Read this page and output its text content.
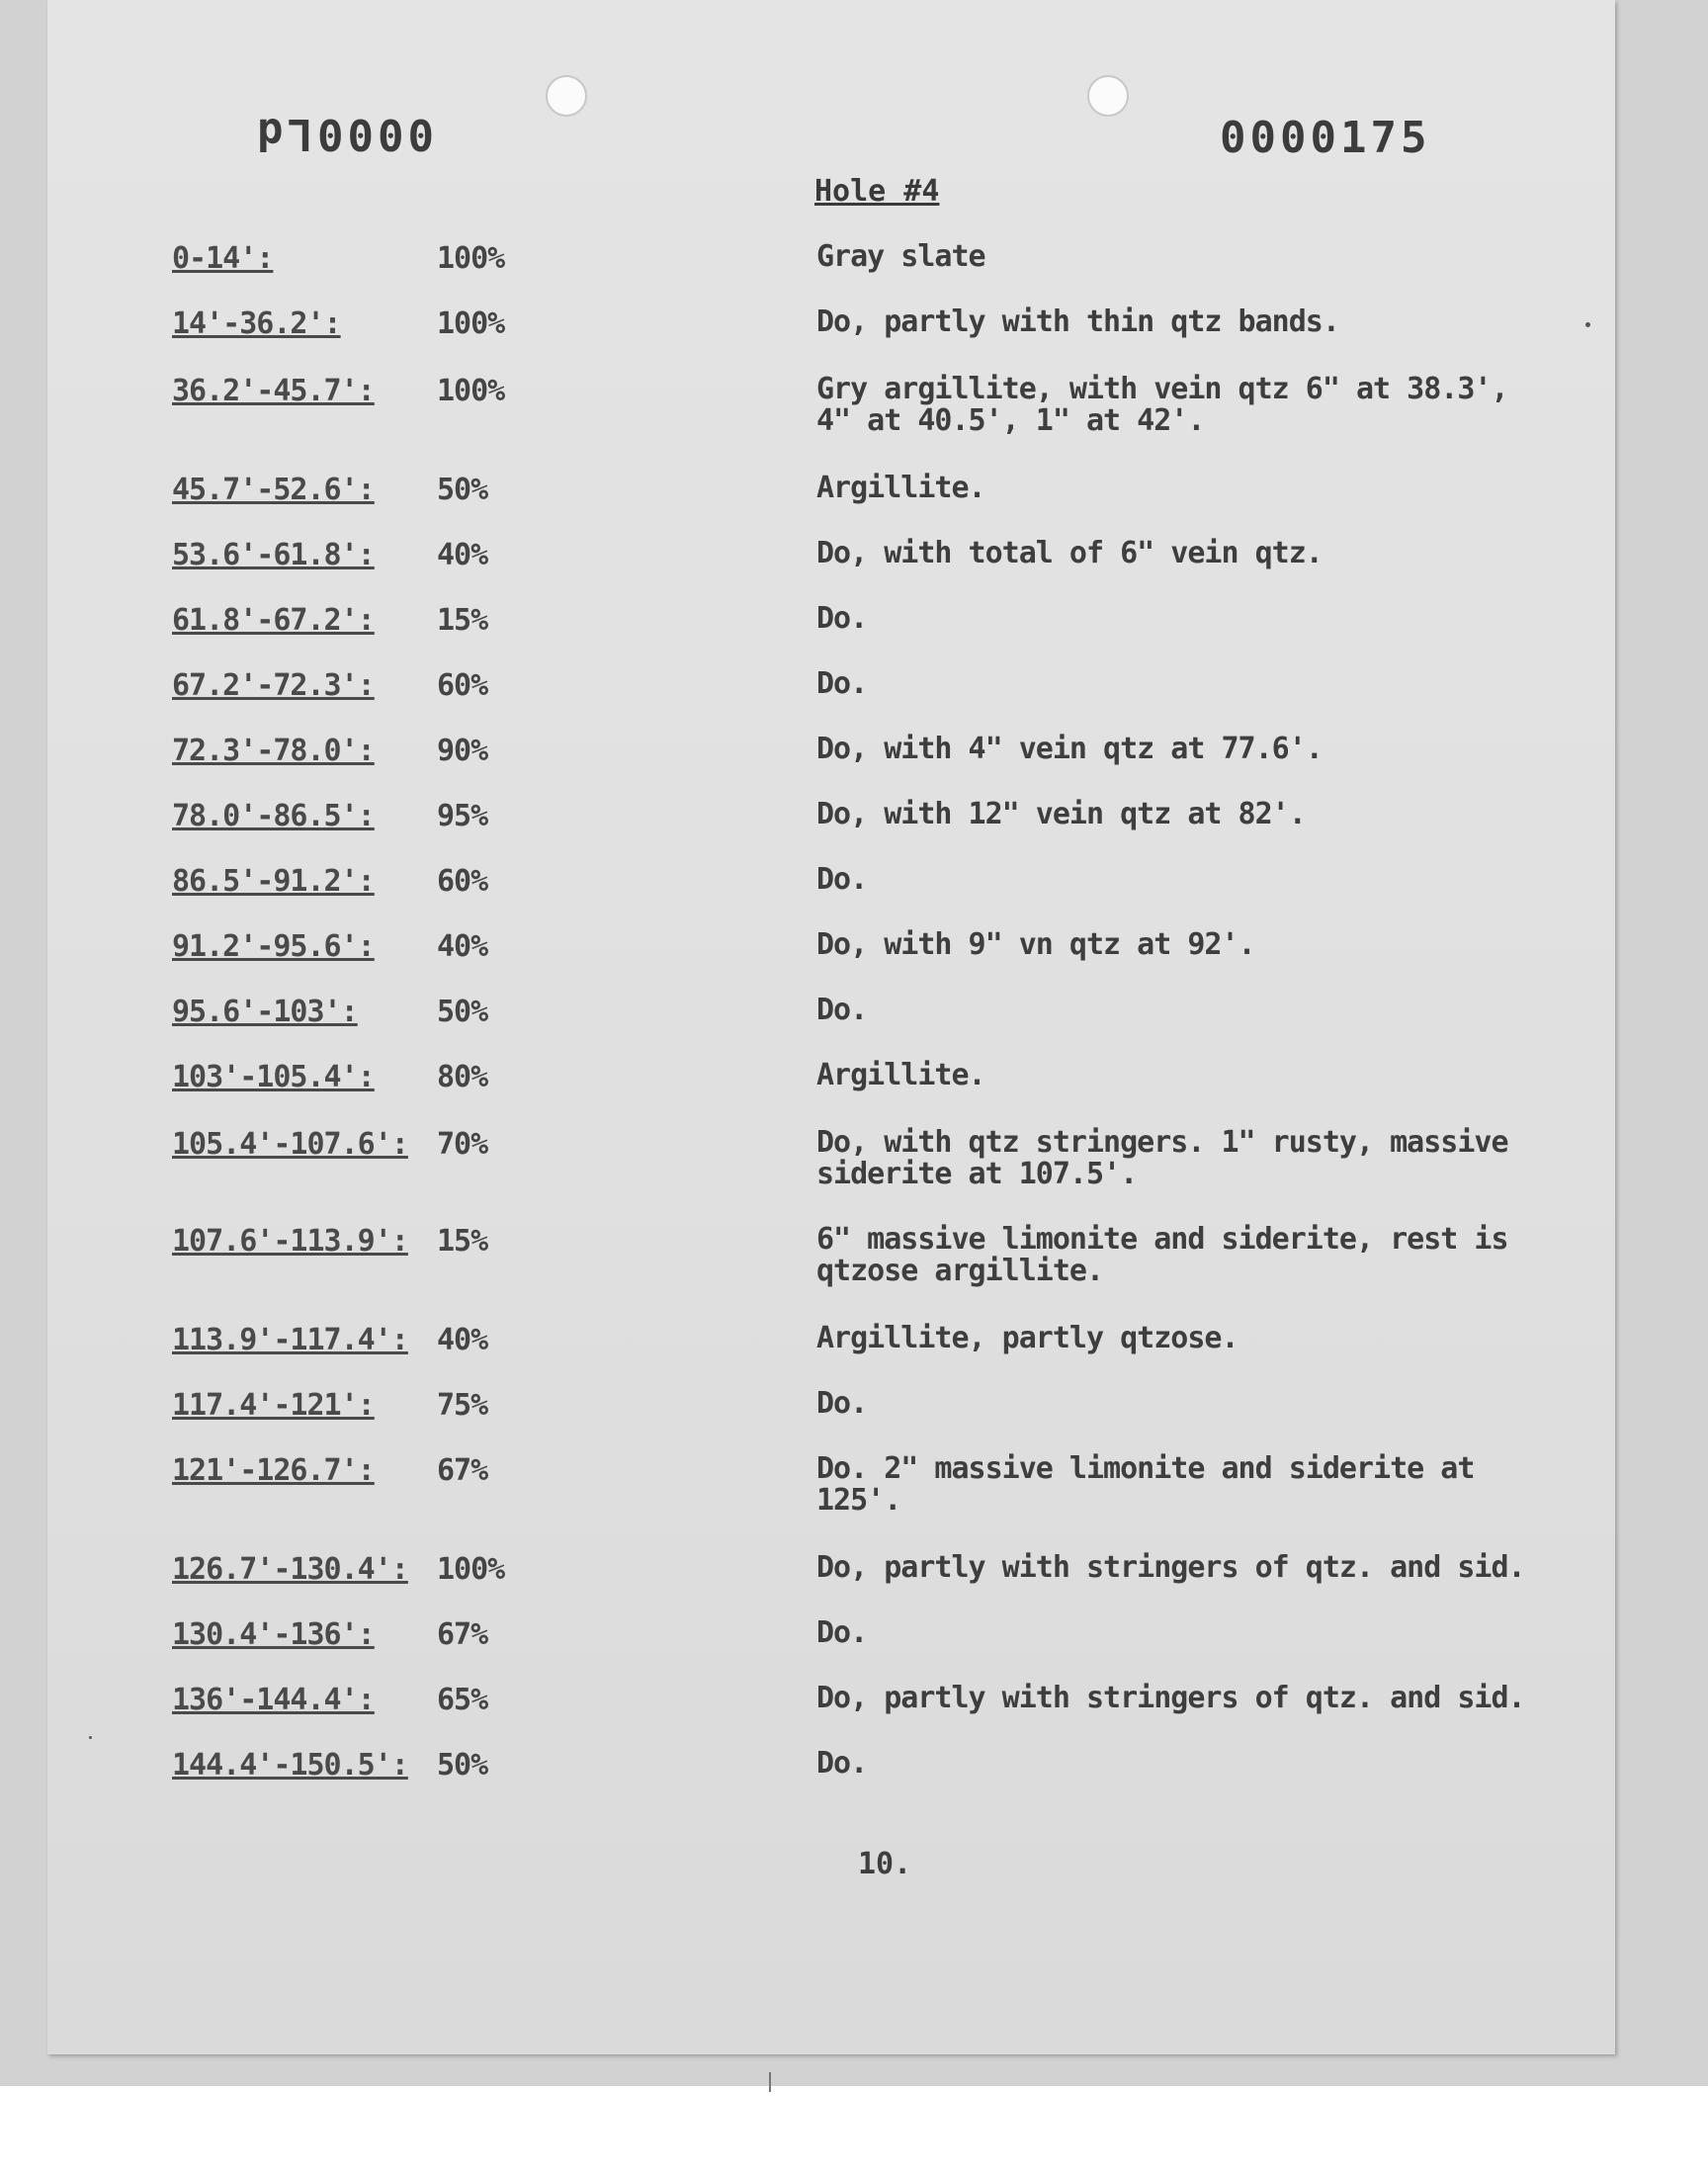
0000Ld	0000175
Hole #4
0-14':	100%	Gray slate
14'-36.2':	100%	Do, partly with thin qtz bands.
36.2'-45.7': 100%	Gry argillite, with vein qtz 6" at 38.3',
4" at 40.5', 1" at 42'.
45.7'-52.6': 50%	Argillite.
53.6'-61.8': 40%	Do, with total of 6" vein qtz.
61.8'-67.2': 15%	Do.
67.2'-72.3': 60%	Do.
72.3'-78.0': 90%	Do, with 4" vein qtz at 77.6'.
78.0'-86.5': 95%	Do, with 12" vein qtz at 82'.
86.5'-91.2': 60%	Do.
91.2'-95.6': 40%	Do, with 9" vn qtz at 92'.
95.6'-103':	50%	Do.
103'-105.4': 80%	Argillite.
105.4'-107.6': 70%	Do, with qtz stringers. 1" rusty, massive
siderite at 107.5'.
107.6'-113.9': 15%	6" massive limonite and siderite, rest is
qtzose argillite.
113.9'-117.4': 40%	Argillite, partly qtzose.
117.4'-121': 75%	Do.
121'-126.7': 67%	Do. 2" massive limonite and siderite at
125'.
126.7'-130.4': 100%	Do, partly with stringers of qtz. and sid.
130.4'-136': 67%	Do.
136'-144.4': 65%	Do, partly with stringers of qtz. and sid.
144.4'-150.5': 50%	Do.
10.
